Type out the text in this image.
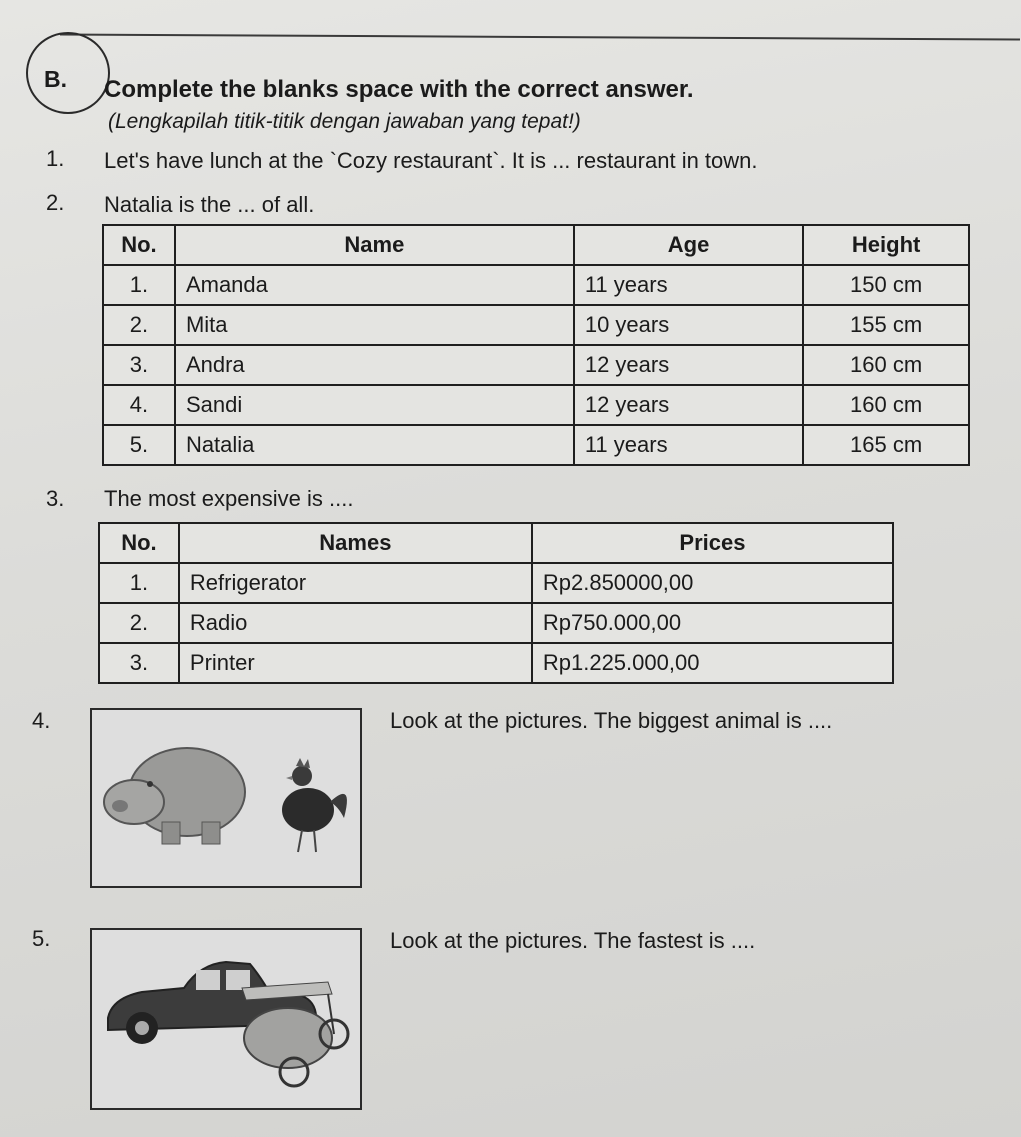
B. Complete the blanks space with the correct answer.
(Lengkapilah titik-titik dengan jawaban yang tepat!)
1. Let's have lunch at the `Cozy restaurant`. It is ... restaurant in town.
2. Natalia is the ... of all.
No.	Name	Age	Height
1.	Amanda	11 years	150 cm
2.	Mita	10 years	155 cm
3.	Andra	12 years	160 cm
4.	Sandi	12 years	160 cm
5.	Natalia	11 years	165 cm
3. The most expensive is ....
No.	Names	Prices
1.	Refrigerator	Rp2.850000,00
2.	Radio	Rp750.000,00
3.	Printer	Rp1.225.000,00
4.	Look at the pictures. The biggest animal is ....
5.	Look at the pictures. The fastest is ....
